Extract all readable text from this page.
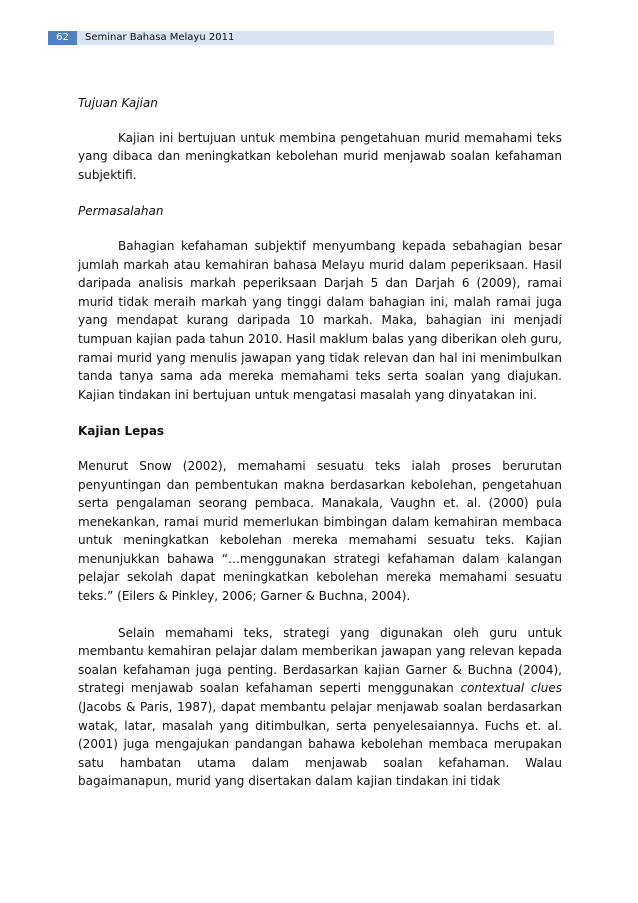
62	Seminar Bahasa Melayu 2011

Tujuan Kajian

Kajian ini bertujuan untuk membina pengetahuan murid memahami teks yang dibaca dan meningkatkan kebolehan murid menjawab soalan kefahaman subjektifi.

Permasalahan

Bahagian kefahaman subjektif menyumbang kepada sebahagian besar jumlah markah atau kemahiran bahasa Melayu murid dalam peperiksaan. Hasil daripada analisis markah peperiksaan Darjah 5 dan Darjah 6 (2009), ramai murid tidak meraih markah yang tinggi dalam bahagian ini, malah ramai juga yang mendapat kurang daripada 10 markah. Maka, bahagian ini menjadi tumpuan kajian pada tahun 2010. Hasil maklum balas yang diberikan oleh guru, ramai murid yang menulis jawapan yang tidak relevan dan hal ini menimbulkan tanda tanya sama ada mereka memahami teks serta soalan yang diajukan. Kajian tindakan ini bertujuan untuk mengatasi masalah yang dinyatakan ini.

Kajian Lepas

Menurut Snow (2002), memahami sesuatu teks ialah proses berurutan penyuntingan dan pembentukan makna berdasarkan kebolehan, pengetahuan serta pengalaman seorang pembaca. Manakala, Vaughn et. al. (2000) pula menekankan, ramai murid memerlukan bimbingan dalam kemahiran membaca untuk meningkatkan kebolehan mereka memahami sesuatu teks. Kajian menunjukkan bahawa “…menggunakan strategi kefahaman dalam kalangan pelajar sekolah dapat meningkatkan kebolehan mereka memahami sesuatu teks.” (Eilers & Pinkley, 2006; Garner & Buchna, 2004).

Selain memahami teks, strategi yang digunakan oleh guru untuk membantu kemahiran pelajar dalam memberikan jawapan yang relevan kepada soalan kefahaman juga penting. Berdasarkan kajian Garner & Buchna (2004), strategi menjawab soalan kefahaman seperti menggunakan contextual clues (Jacobs & Paris, 1987), dapat membantu pelajar menjawab soalan berdasarkan watak, latar, masalah yang ditimbulkan, serta penyelesaiannya. Fuchs et. al. (2001) juga mengajukan pandangan bahawa kebolehan membaca merupakan satu hambatan utama dalam menjawab soalan kefahaman. Walau bagaimanapun, murid yang disertakan dalam kajian tindakan ini tidak
